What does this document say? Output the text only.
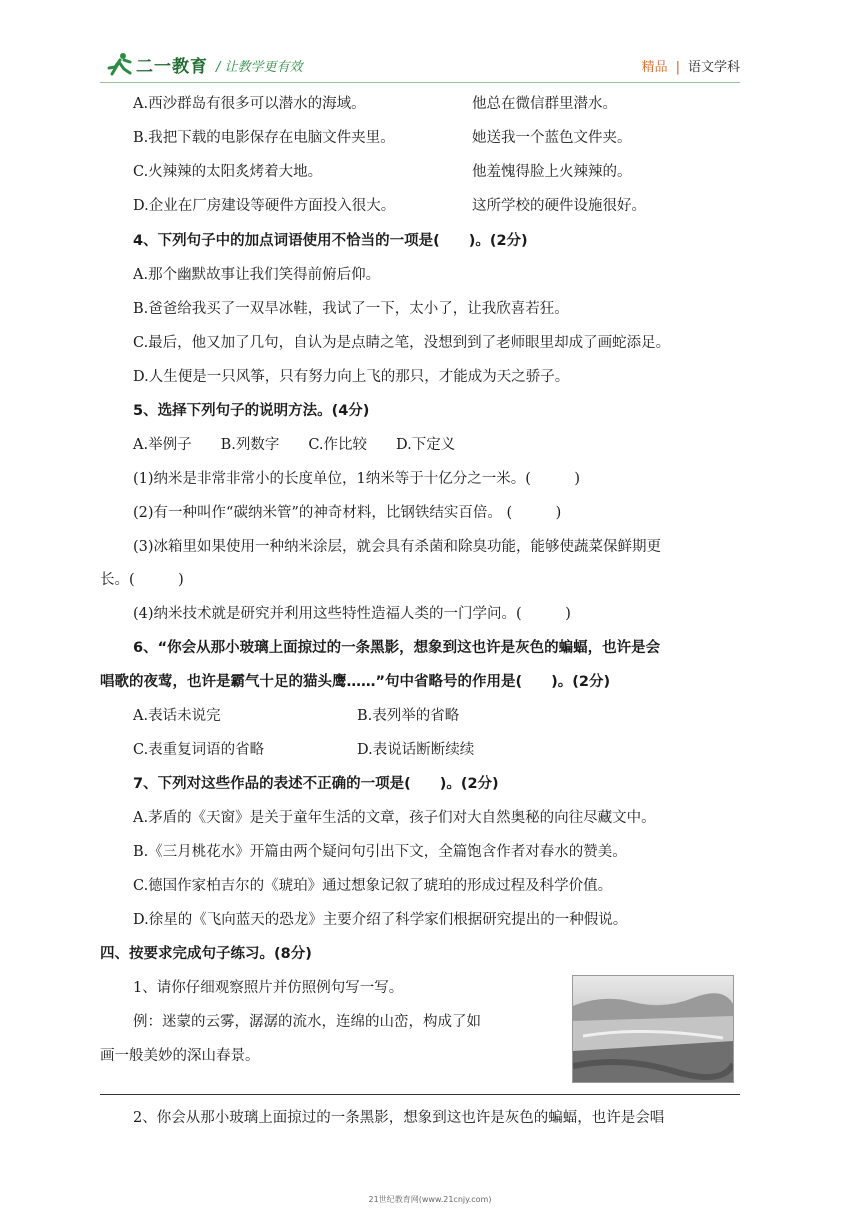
二一教育 / 让教学更有效	精品 | 语文学科
A.西沙群岛有很多可以潜水的海域。	他总在微信群里潜水。
B.我把下载的电影保存在电脑文件夹里。	她送我一个蓝色文件夹。
C.火辣辣的太阳炙烤着大地。	他羞愧得脸上火辣辣的。
D.企业在厂房建设等硬件方面投入很大。	这所学校的硬件设施很好。
4、下列句子中的加点词语使用不恰当的一项是(　　)。(2分)
A.那个幽默故事让我们笑得前俯后仰。
B.爸爸给我买了一双旱冰鞋，我试了一下，太小了，让我欣喜若狂。
C.最后，他又加了几句，自认为是点睛之笔，没想到到了老师眼里却成了画蛇添足。
D.人生便是一只风筝，只有努力向上飞的那只，才能成为天之骄子。
5、选择下列句子的说明方法。(4分)
A.举例子　　B.列数字　　C.作比较　　D.下定义
(1)纳米是非常非常小的长度单位，1纳米等于十亿分之一米。(　　　)
(2)有一种叫作“碳纳米管”的神奇材料，比钢铁结实百倍。 (　　　)
(3)冰箱里如果使用一种纳米涂层，就会具有杀菌和除臭功能，能够使蔬菜保鲜期更
长。(　　　)
(4)纳米技术就是研究并利用这些特性造福人类的一门学问。(　　　)
6、“你会从那小玻璃上面掠过的一条黑影，想象到这也许是灰色的蝙蝠，也许是会
唱歌的夜莺，也许是霸气十足的猫头鹰……”句中省略号的作用是(　　)。(2分)
A.表话未说完	B.表列举的省略
C.表重复词语的省略	D.表说话断断续续
7、下列对这些作品的表述不正确的一项是(　　)。(2分)
A.茅盾的《天窗》是关于童年生活的文章，孩子们对大自然奥秘的向往尽藏文中。
B.《三月桃花水》开篇由两个疑问句引出下文，全篇饱含作者对春水的赞美。
C.德国作家柏吉尔的《琥珀》通过想象记叙了琥珀的形成过程及科学价值。
D.徐星的《飞向蓝天的恐龙》主要介绍了科学家们根据研究提出的一种假说。
四、按要求完成句子练习。(8分)
1、请你仔细观察照片并仿照例句写一写。
例：迷蒙的云雾，潺潺的流水，连绵的山峦，构成了如
画一般美妙的深山春景。
2、你会从那小玻璃上面掠过的一条黑影，想象到这也许是灰色的蝙蝠，也许是会唱
21世纪教育网(www.21cnjy.com)
